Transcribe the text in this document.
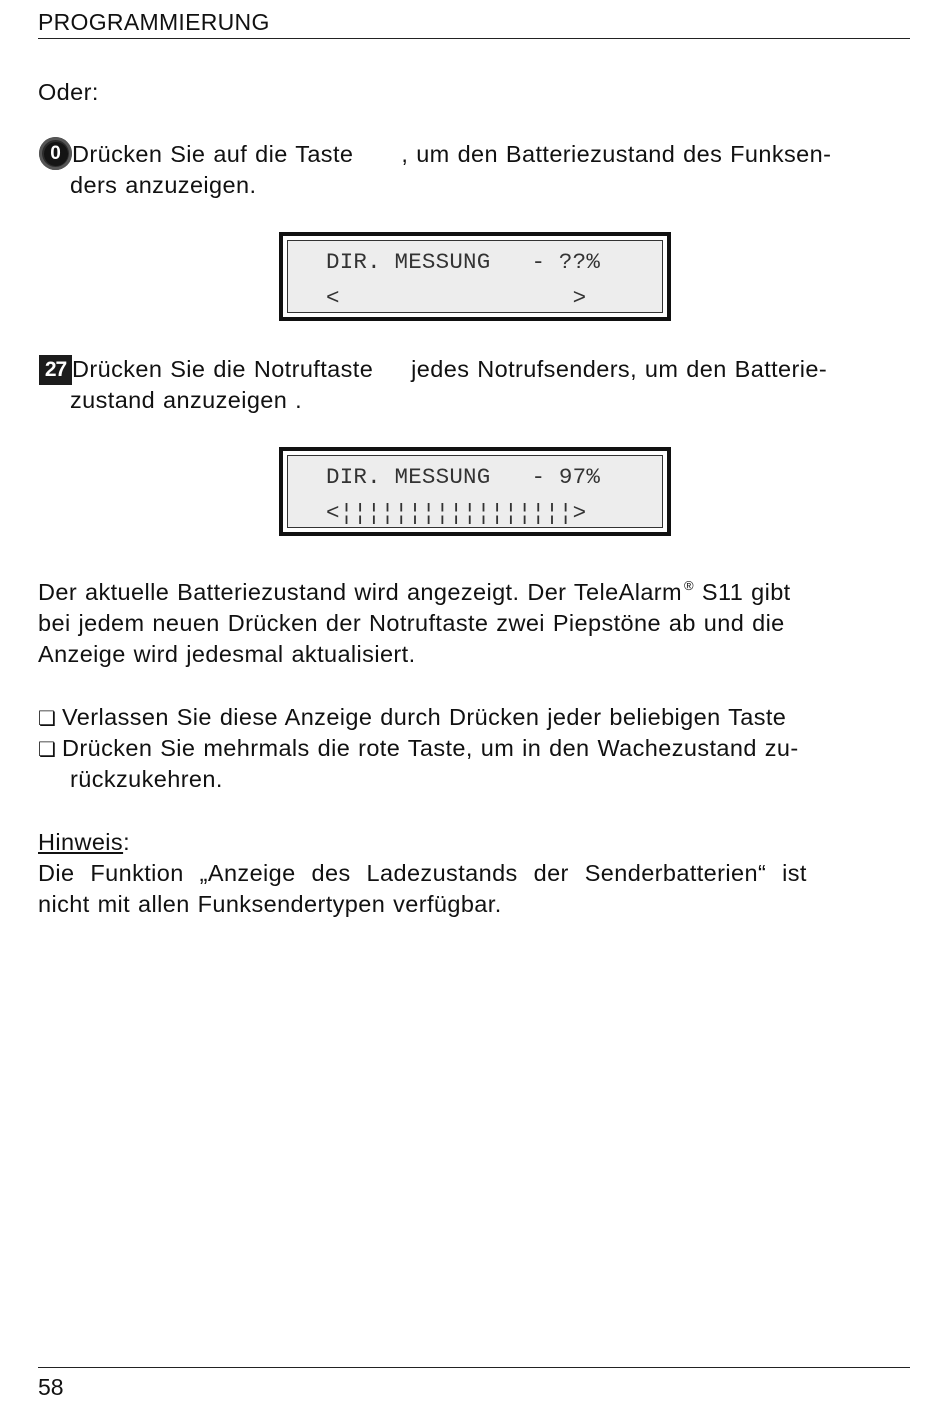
PROGRAMMIERUNG
Oder:
0 Drücken Sie auf die Taste , um den Batteriezustand des Funksen-
ders anzuzeigen.
DIR. MESSUNG   - ??%
<                 >
27 Drücken Sie die Notruftaste jedes Notrufsenders, um den Batterie-
zustand anzuzeigen .
DIR. MESSUNG   - 97%
<¦¦¦¦¦¦¦¦¦¦¦¦¦¦¦¦¦>
Der aktuelle Batteriezustand wird angezeigt. Der TeleAlarm ® S11 gibt
bei jedem neuen Drücken der Notruftaste zwei Piepstöne ab und die
Anzeige wird jedesmal aktualisiert.
❏ Verlassen Sie diese Anzeige durch Drücken jeder beliebigen Taste
❏ Drücken Sie mehrmals die rote Taste, um in den Wachezustand zu-
rückzukehren.
Hinweis:
Die Funktion „Anzeige des Ladezustands der Senderbatterien“ ist
nicht mit allen Funksendertypen verfügbar.
58
